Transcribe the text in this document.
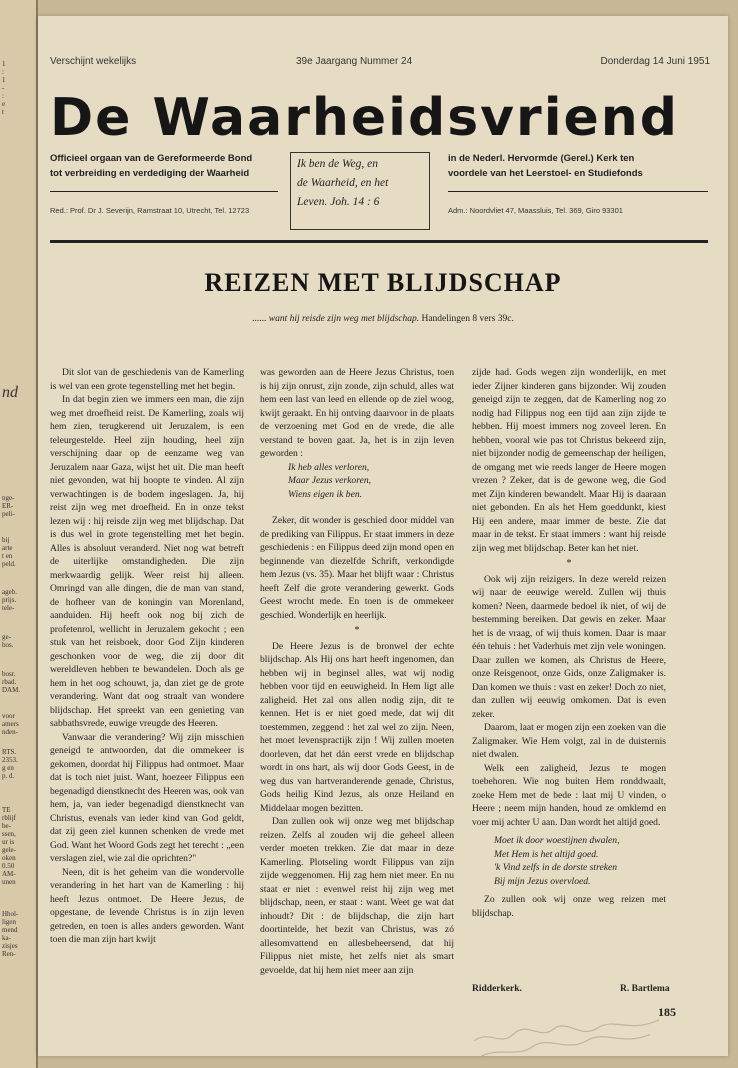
1
:
1
-
:
e
t
nd
nge-
ER-
peli-
bij
arte
t en
peld.
ageb.
prijs.
tele-
ge-
bos.
bosr.
rbad.
DAM.
voor
amers
nden-
RTS.
2353.
g en
p. d.
TE
rblijf
be-
ssen,
ur is
gele-
oken
0.50
AM-
unen
Hhol-
ligen
mend
ka-
zisjes
Ren-
Verschijnt wekelijks	39e Jaargang Nummer 24	Donderdag 14 Juni 1951
De Waarheidsvriend
Officieel orgaan van de Gereformeerde Bond
tot verbreiding en verdediging der Waarheid
in de Nederl. Hervormde (Gerel.) Kerk ten
voordele van het Leerstoel- en Studiefonds
Ik ben de Weg, en
de Waarheid, en het
Leven. Joh. 14 : 6
Red.: Prof. Dr J. Severijn, Ramstraat 10, Utrecht, Tel. 12723	Adm.: Noordvliet 47, Maassluis, Tel. 369, Giro 93301
REIZEN MET BLIJDSCHAP
...... want hij reisde zijn weg met blijdschap. Handelingen 8 vers 39c.

Dit slot van de geschiedenis van de Kamerling is wel van een grote tegenstelling met het begin.

In dat begin zien we immers een man, die zijn weg met droefheid reist. De Kamerling, zoals wij hem zien, terugkerend uit Jeruzalem, is een teleurgestelde. Heel zijn houding, heel zijn verschijning daar op de eenzame weg van Jeruzalem naar Gaza, wijst het uit. Die man heeft niet gevonden, wat hij hoopte te vinden. Al zijn verwachtingen is de bodem ingeslagen. Ja, hij reist zijn weg met droefheid. En in onze tekst lezen wij : hij reisde zijn weg met blijdschap. Dat is dus wel in grote tegenstelling met het begin. Alles is absoluut veranderd. Niet nog wat betreft de uiterlijke omstandigheden. Die zijn merkwaardig gelijk. Weer reist hij alleen. Omringd van alle dingen, die de man van stand, de hofheer van de koningin van Morenland, aanduiden. Hij heeft ook nog bij zich de profetenrol, wellicht in Jeruzalem gekocht ; een stuk van het reisboek, door God Zijn kinderen geschonken voor de weg, die zij door dit wereldleven hebben te bewandelen. Doch als ge hem in het oog schouwt, ja, dan ziet ge de grote verandering. Want dat oog straalt van wondere blijdschap. Het spreekt van een genieting van sabbathsvrede, euwige vreugde des Heeren.

Vanwaar die verandering? Wij zijn misschien geneigd te antwoorden, dat die ommekeer is gekomen, doordat hij Filippus had ontmoet. Maar dat is toch niet juist. Want, hoezeer Filippus een begenadigd dienstknecht des Heeren was, ook van hem, ja, van ieder begenadigd dienstknecht van Christus, evenals van ieder kind van God geldt, dat zij geen ziel kunnen schenken de vrede met God. Want het Woord Gods zegt het terecht : „een verslagen ziel, wie zal die oprichten?"

Neen, dit is het geheim van die wondervolle verandering in het hart van de Kamerling : hij heeft Jezus ontmoet. De Heere Jezus, de opgestane, de levende Christus is in zijn leven getreden, en toen is alles anders geworden. Want toen die man zijn hart kwijt

was geworden aan de Heere Jezus Christus, toen is hij zijn onrust, zijn zonde, zijn schuld, alles wat hem een last van leed en ellende op de ziel woog, kwijt geraakt. En hij ontving daarvoor in de plaats de verzoening met God en de vrede, die alle verstand te boven gaat. Ja, het is in zijn leven geworden :

Ik heb alles verloren,

Maar Jezus verkoren,

Wiens eigen ik ben.

Zeker, dit wonder is geschied door middel van de prediking van Filippus. Er staat immers in deze geschiedenis : en Filippus deed zijn mond open en beginnende van diezelfde Schrift, verkondigde hem Jezus (vs. 35). Maar het blijft waar : Christus heeft Zelf die grote verandering gewerkt. Gods Geest wrocht mede. En toen is de ommekeer geschied. Wonderlijk en heerlijk.

*

De Heere Jezus is de bronwel der echte blijdschap. Als Hij ons hart heeft ingenomen, dan hebben wij in beginsel alles, wat wij nodig hebben voor tijd en eeuwigheid. In Hem ligt alle zaligheid. Het zal ons allen nodig zijn, dit te kennen. Het is er niet goed mede, dat wij dit toestemmen, zeggend : het zal wel zo zijn. Neen, het moet levenspractijk zijn ! Wij zullen moeten doorleven, dat het dán eerst vrede en blijdschap wordt in ons hart, als wij door Gods Geest, in de weg dus van hartveranderende genade, Christus, Gods heilig Kind Jezus, als onze Heiland en Middelaar mogen bezitten.

Dan zullen ook wij onze weg met blijdschap reizen. Zelfs al zouden wij die geheel alleen verder moeten trekken. Zie dat maar in deze Kamerling. Plotseling wordt Filippus van zijn zijde weggenomen. Hij zag hem niet meer. En nu staat er niet : evenwel reist hij zijn weg met blijdschap, neen, er staat : want. Weet ge wat dat inhoudt? Dit : de blijdschap, die zijn hart doortintelde, het bezit van Christus, was zó allesomvattend en allesbeheersend, dat hij Filippus niet miste, het zelfs niet als smart gevoelde, dat hij hem niet meer aan zijn

zijde had. Gods wegen zijn wonderlijk, en met ieder Zijner kinderen gans bijzonder. Wij zouden geneigd zijn te zeggen, dat de Kamerling nog zo nodig had Filippus nog een tijd aan zijn zijde te hebben. Hij moest immers nog zoveel leren. En hebben, vooral wie pas tot Christus bekeerd zijn, niet bijzonder nodig de gemeenschap der heiligen, de omgang met wie reeds langer de Heere mogen vrezen ? Zeker, dat is de gewone weg, die God met Zijn kinderen bewandelt. Maar Hij is daaraan niet gebonden. En als het Hem goeddunkt, kiest Hij een andere, maar immer de beste. Zie dat maar in de tekst. Er staat immers : want hij reisde zijn weg met blijdschap. Beter kan het niet.

*

Ook wij zijn reizigers. In deze wereld reizen wij naar de eeuwige wereld. Zullen wij thuis komen? Neen, daarmede bedoel ik niet, of wij de bestemming bereiken. Dat gewis en zeker. Maar het is de vraag, of wij thuis komen. Daar is maar één tehuis : het Vaderhuis met zijn vele woningen. Daar zullen we komen, als Christus de Heere, onze Reisgenoot, onze Gids, onze Zaligmaker is. Dan komen we thuis : vast en zeker! Doch zo niet, dan zullen wij eeuwig omkomen. Dat is even zeker.

Daarom, laat er mogen zijn een zoeken van die Zaligmaker. Wie Hem volgt, zal in de duisternis niet dwalen.

Welk een zaligheid, Jezus te mogen toebehoren. Wie nog buiten Hem ronddwaalt, zoeke Hem met de bede : laat mij U vinden, o Heere ; neem mijn handen, houd ze omklemd en voer mij achter U aan. Dan wordt het altijd goed.

Moet ik door woestijnen dwalen,

Met Hem is het altijd goed.

'k Vind zelfs in de dorste streken

Bij mijn Jezus overvloed.

Zo zullen ook wij onze weg reizen met blijdschap.

Ridderkerk.	R. Bartlema
185
